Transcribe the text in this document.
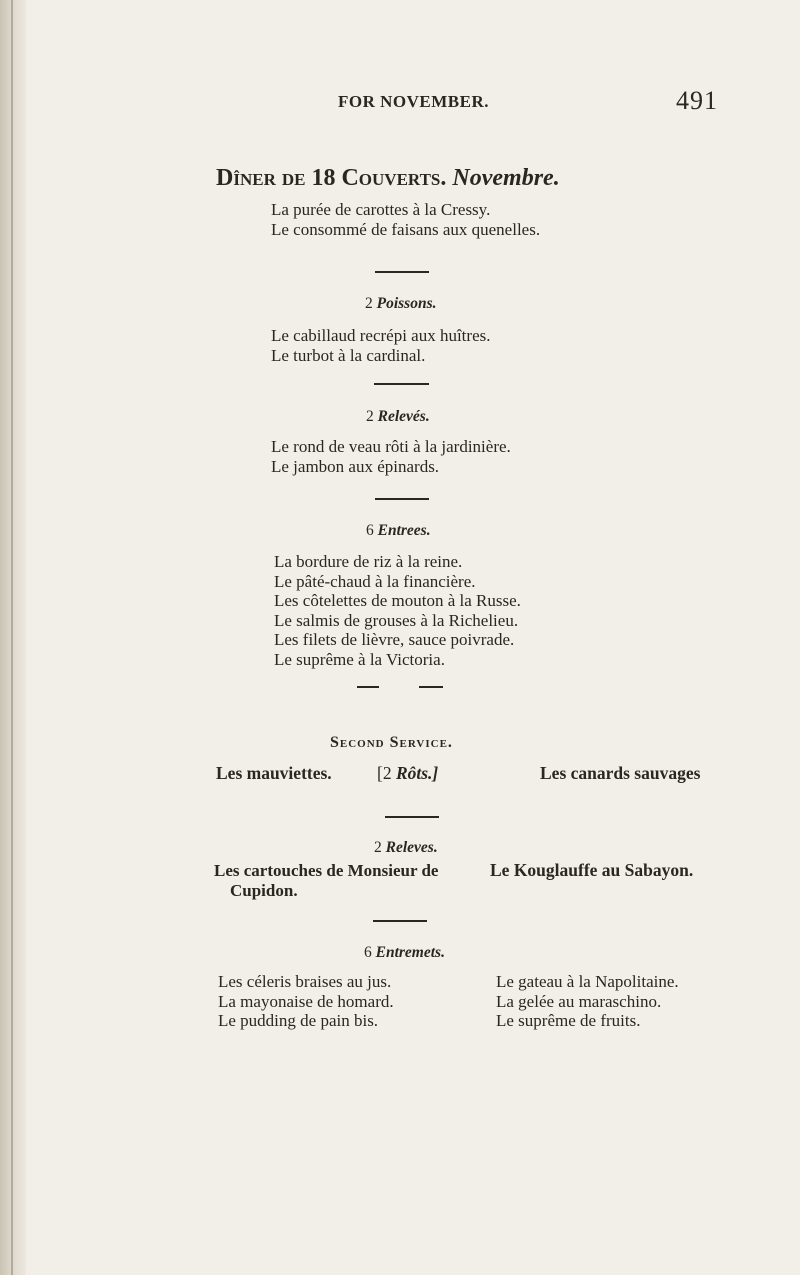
FOR NOVEMBER.	491
Dîner de 18 Couverts. Novembre.
La purée de carottes à la Cressy.
Le consommé de faisans aux quenelles.
2 Poissons.
Le cabillaud recrépi aux huîtres.
Le turbot à la cardinal.
2 Relevés.
Le rond de veau rôti à la jardinière.
Le jambon aux épinards.
6 Entrees.
La bordure de riz à la reine.
Le pâté-chaud à la financière.
Les côtelettes de mouton à la Russe.
Le salmis de grouses à la Richelieu.
Les filets de lièvre, sauce poivrade.
Le suprême à la Victoria.
Second Service.
Les mauviettes.	[2 Rôts.]	Les canards sauvages
2 Releves.
Les cartouches de Monsieur de
Cupidon.
Le Kouglauffe au Sabayon.
6 Entremets.
Les céleris braises au jus.
La mayonaise de homard.
Le pudding de pain bis.
Le gateau à la Napolitaine.
La gelée au maraschino.
Le suprême de fruits.
